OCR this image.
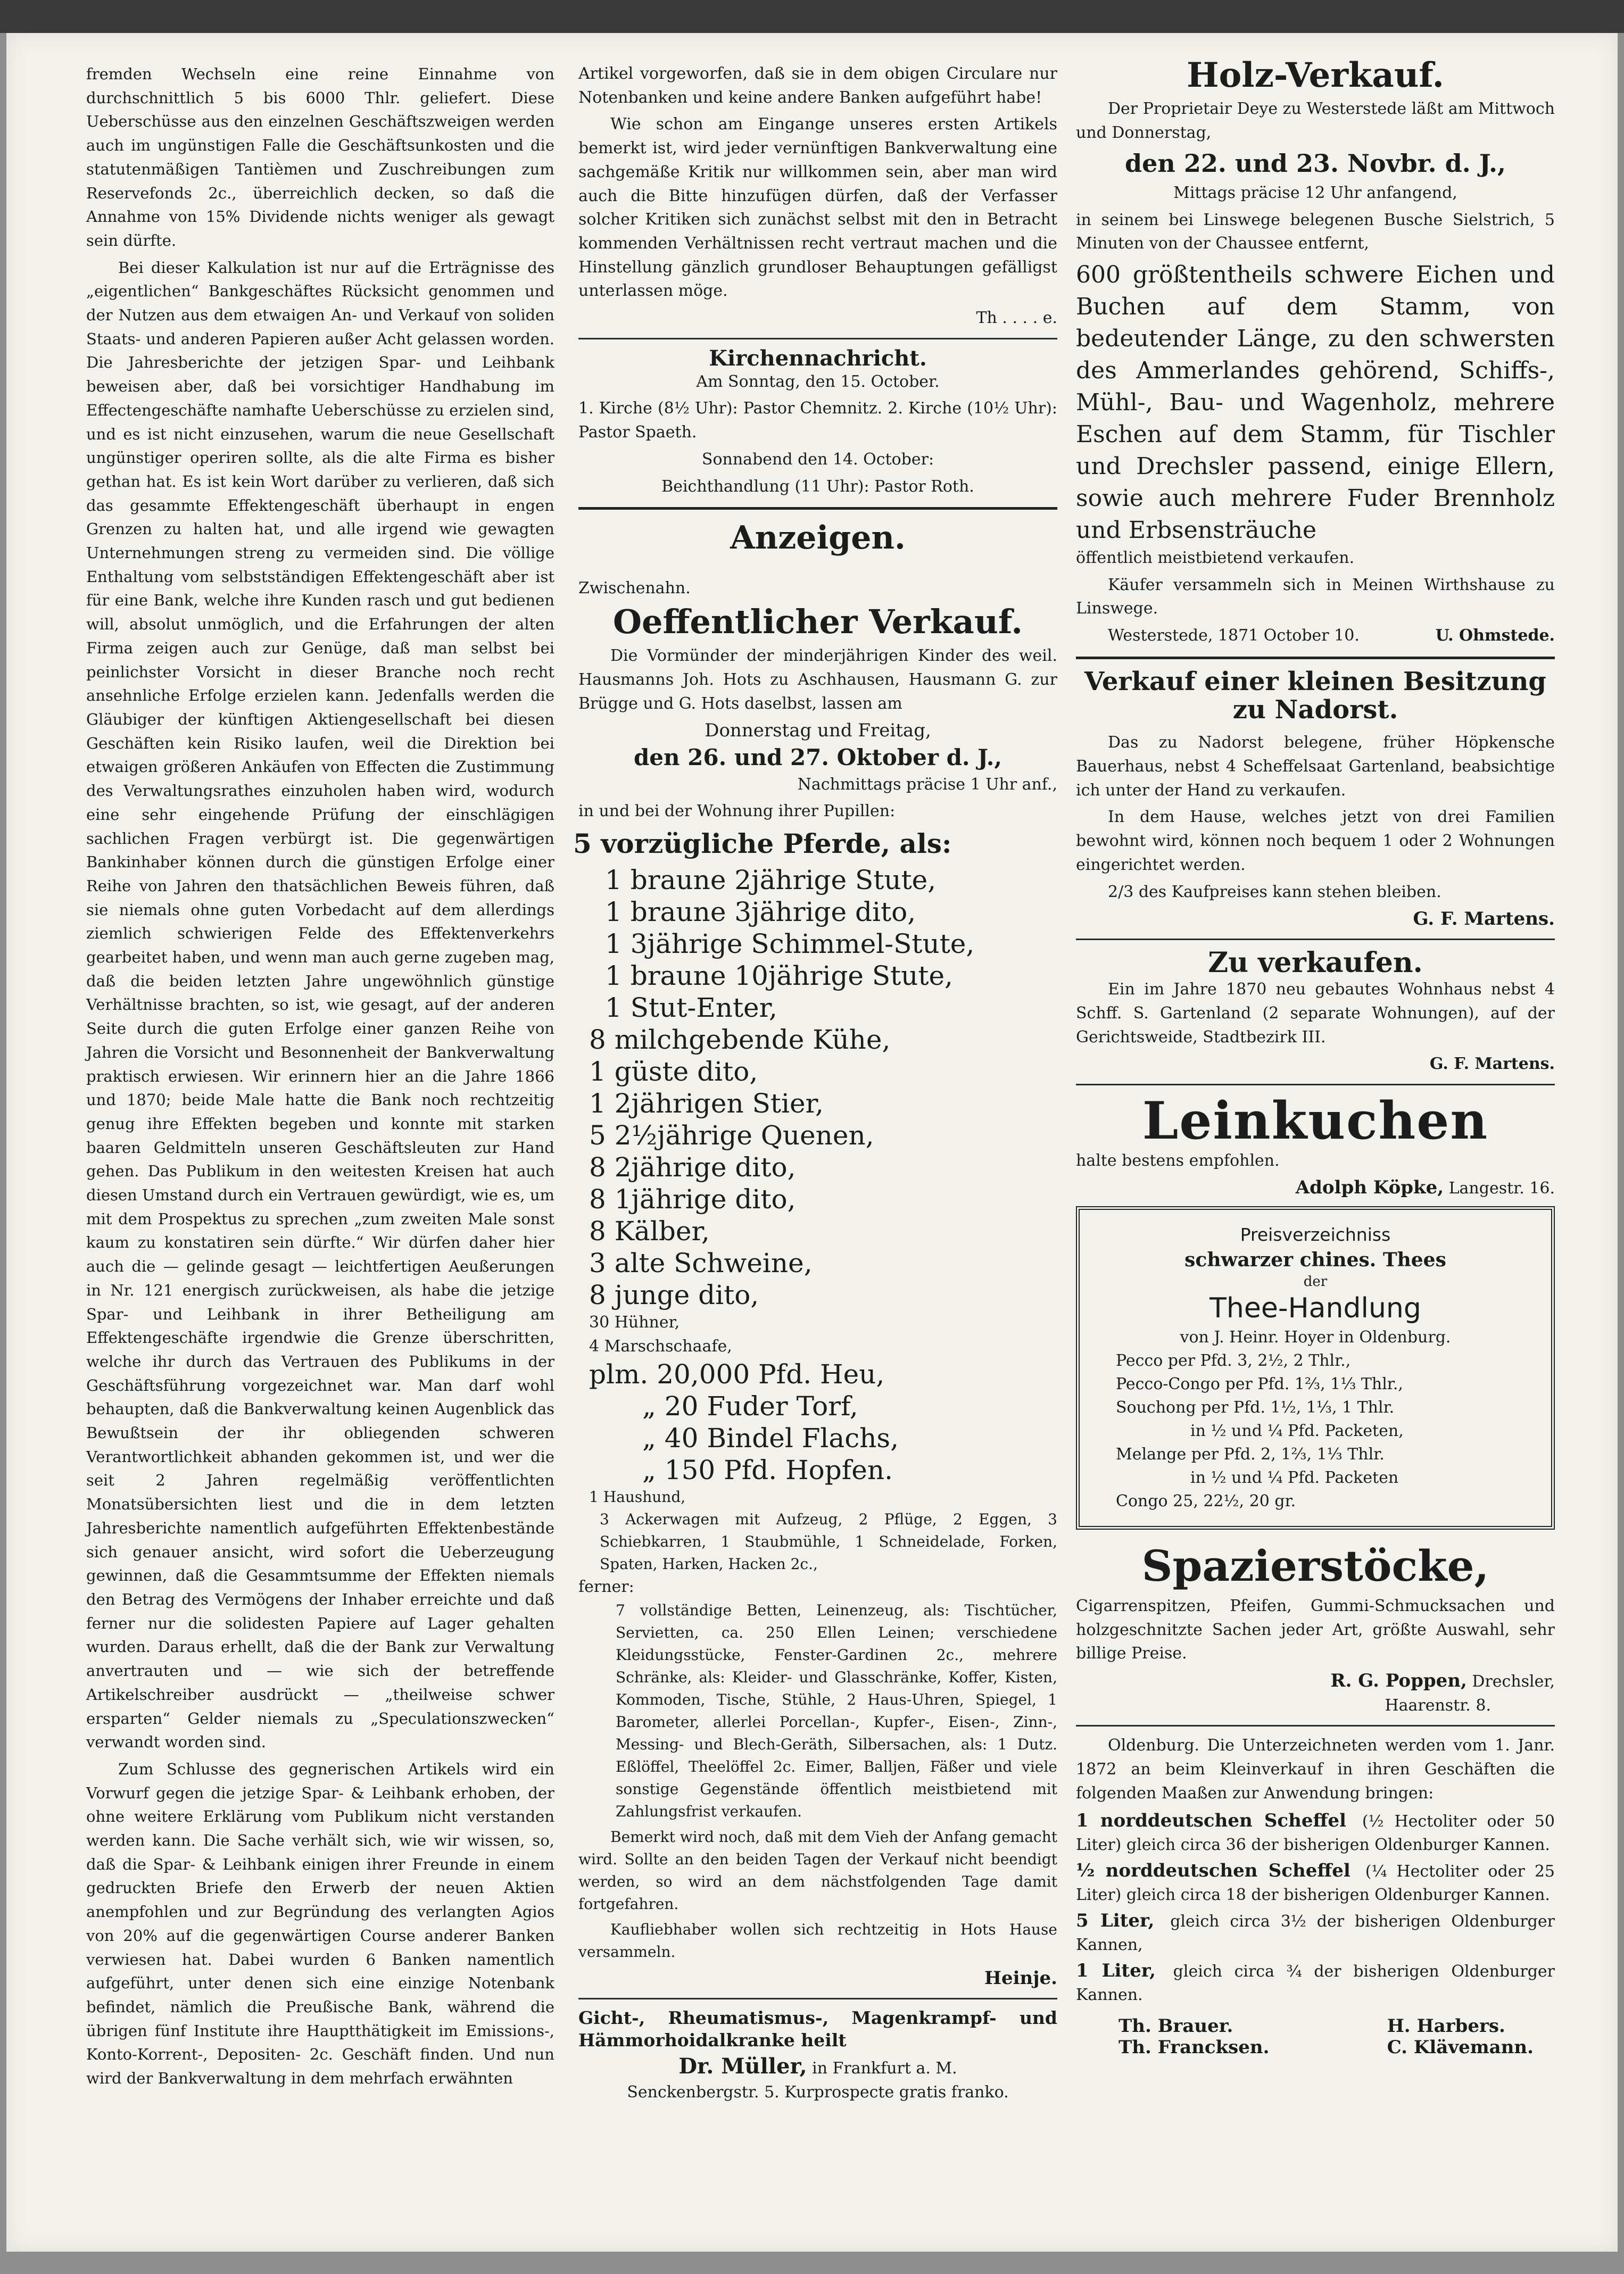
fremden Wechseln eine reine Einnahme von durchschnittlich 5 bis 6000 Thlr. geliefert. Diese Ueberschüsse aus den einzelnen Geschäftszweigen werden auch im ungünstigen Falle die Geschäftsunkosten und die statutenmäßigen Tantièmen und Zuschreibungen zum Reservefonds 2c., überreichlich decken, so daß die Annahme von 15% Dividende nichts weniger als gewagt sein dürfte.

Bei dieser Kalkulation ist nur auf die Erträgnisse des „eigentlichen“ Bankgeschäftes Rücksicht genommen und der Nutzen aus dem etwaigen An- und Verkauf von soliden Staats- und anderen Papieren außer Acht gelassen worden. Die Jahresberichte der jetzigen Spar- und Leihbank beweisen aber, daß bei vorsichtiger Handhabung im Effectengeschäfte namhafte Ueberschüsse zu erzielen sind, und es ist nicht einzusehen, warum die neue Gesellschaft ungünstiger operiren sollte, als die alte Firma es bisher gethan hat. Es ist kein Wort darüber zu verlieren, daß sich das gesammte Effektengeschäft überhaupt in engen Grenzen zu halten hat, und alle irgend wie gewagten Unternehmungen streng zu vermeiden sind. Die völlige Enthaltung vom selbstständigen Effektengeschäft aber ist für eine Bank, welche ihre Kunden rasch und gut bedienen will, absolut unmöglich, und die Erfahrungen der alten Firma zeigen auch zur Genüge, daß man selbst bei peinlichster Vorsicht in dieser Branche noch recht ansehnliche Erfolge erzielen kann. Jedenfalls werden die Gläubiger der künftigen Aktiengesellschaft bei diesen Geschäften kein Risiko laufen, weil die Direktion bei etwaigen größeren Ankäufen von Effecten die Zustimmung des Verwaltungsrathes einzuholen haben wird, wodurch eine sehr eingehende Prüfung der einschlägigen sachlichen Fragen verbürgt ist. Die gegenwärtigen Bankinhaber können durch die günstigen Erfolge einer Reihe von Jahren den thatsächlichen Beweis führen, daß sie niemals ohne guten Vorbedacht auf dem allerdings ziemlich schwierigen Felde des Effektenverkehrs gearbeitet haben, und wenn man auch gerne zugeben mag, daß die beiden letzten Jahre ungewöhnlich günstige Verhältnisse brachten, so ist, wie gesagt, auf der anderen Seite durch die guten Erfolge einer ganzen Reihe von Jahren die Vorsicht und Besonnenheit der Bankverwaltung praktisch erwiesen. Wir erinnern hier an die Jahre 1866 und 1870; beide Male hatte die Bank noch rechtzeitig genug ihre Effekten begeben und konnte mit starken baaren Geldmitteln unseren Geschäftsleuten zur Hand gehen. Das Publikum in den weitesten Kreisen hat auch diesen Umstand durch ein Vertrauen gewürdigt, wie es, um mit dem Prospektus zu sprechen „zum zweiten Male sonst kaum zu konstatiren sein dürfte.“ Wir dürfen daher hier auch die — gelinde gesagt — leichtfertigen Aeußerungen in Nr. 121 energisch zurückweisen, als habe die jetzige Spar- und Leihbank in ihrer Betheiligung am Effektengeschäfte irgendwie die Grenze überschritten, welche ihr durch das Vertrauen des Publikums in der Geschäftsführung vorgezeichnet war. Man darf wohl behaupten, daß die Bankverwaltung keinen Augenblick das Bewußtsein der ihr obliegenden schweren Verantwortlichkeit abhanden gekommen ist, und wer die seit 2 Jahren regelmäßig veröffentlichten Monatsübersichten liest und die in dem letzten Jahresberichte namentlich aufgeführten Effektenbestände sich genauer ansicht, wird sofort die Ueberzeugung gewinnen, daß die Gesammtsumme der Effekten niemals den Betrag des Vermögens der Inhaber erreichte und daß ferner nur die solidesten Papiere auf Lager gehalten wurden. Daraus erhellt, daß die der Bank zur Verwaltung anvertrauten und — wie sich der betreffende Artikelschreiber ausdrückt — „theilweise schwer ersparten“ Gelder niemals zu „Speculationszwecken“ verwandt worden sind.

Zum Schlusse des gegnerischen Artikels wird ein Vorwurf gegen die jetzige Spar- & Leihbank erhoben, der ohne weitere Erklärung vom Publikum nicht verstanden werden kann. Die Sache verhält sich, wie wir wissen, so, daß die Spar- & Leihbank einigen ihrer Freunde in einem gedruckten Briefe den Erwerb der neuen Aktien anempfohlen und zur Begründung des verlangten Agios von 20% auf die gegenwärtigen Course anderer Banken verwiesen hat. Dabei wurden 6 Banken namentlich aufgeführt, unter denen sich eine einzige Notenbank befindet, nämlich die Preußische Bank, während die übrigen fünf Institute ihre Hauptthätigkeit im Emissions-, Konto-Korrent-, Depositen- 2c. Geschäft finden. Und nun wird der Bankverwaltung in dem mehrfach erwähnten

Artikel vorgeworfen, daß sie in dem obigen Circulare nur Notenbanken und keine andere Banken aufgeführt habe!

Wie schon am Eingange unseres ersten Artikels bemerkt ist, wird jeder vernünftigen Bankverwaltung eine sachgemäße Kritik nur willkommen sein, aber man wird auch die Bitte hinzufügen dürfen, daß der Verfasser solcher Kritiken sich zunächst selbst mit den in Betracht kommenden Verhältnissen recht vertraut machen und die Hinstellung gänzlich grundloser Behauptungen gefälligst unterlassen möge.

Th . . . . e.

Kirchennachricht.

Am Sonntag, den 15. October.

1. Kirche (8½ Uhr): Pastor Chemnitz. 2. Kirche (10½ Uhr): Pastor Spaeth.

Sonnabend den 14. October:

Beichthandlung (11 Uhr): Pastor Roth.

Anzeigen.

Zwischenahn.

Oeffentlicher Verkauf.

Die Vormünder der minderjährigen Kinder des weil. Hausmanns Joh. Hots zu Aschhausen, Hausmann G. zur Brügge und G. Hots daselbst, lassen am

Donnerstag und Freitag,

den 26. und 27. Oktober d. J.,

Nachmittags präcise 1 Uhr anf.,

in und bei der Wohnung ihrer Pupillen:

5 vorzügliche Pferde, als:

1 braune 2jährige Stute,

1 braune 3jährige dito,

1 3jährige Schimmel-Stute,

1 braune 10jährige Stute,

1 Stut-Enter,

8 milchgebende Kühe,

1 güste dito,

1 2jährigen Stier,

5 2½jährige Quenen,

8 2jährige dito,

8 1jährige dito,

8 Kälber,

3 alte Schweine,

8 junge dito,

30 Hühner,

4 Marschschaafe,

plm. 20,000 Pfd. Heu,

„ 20 Fuder Torf,

„ 40 Bindel Flachs,

„ 150 Pfd. Hopfen.

1 Haushund,

3 Ackerwagen mit Aufzeug, 2 Pflüge, 2 Eggen, 3 Schiebkarren, 1 Staubmühle, 1 Schneidelade, Forken, Spaten, Harken, Hacken 2c.,

ferner:

7 vollständige Betten, Leinenzeug, als: Tischtücher, Servietten, ca. 250 Ellen Leinen; verschiedene Kleidungsstücke, Fenster-Gardinen 2c., mehrere Schränke, als: Kleider- und Glasschränke, Koffer, Kisten, Kommoden, Tische, Stühle, 2 Haus-Uhren, Spiegel, 1 Barometer, allerlei Porcellan-, Kupfer-, Eisen-, Zinn-, Messing- und Blech-Geräth, Silbersachen, als: 1 Dutz. Eßlöffel, Theelöffel 2c. Eimer, Balljen, Fäßer und viele sonstige Gegenstände öffentlich meistbietend mit Zahlungsfrist verkaufen.

Bemerkt wird noch, daß mit dem Vieh der Anfang gemacht wird. Sollte an den beiden Tagen der Verkauf nicht beendigt werden, so wird an dem nächstfolgenden Tage damit fortgefahren.

Kaufliebhaber wollen sich rechtzeitig in Hots Hause versammeln.

Heinje.

Gicht-, Rheumatismus-, Magenkrampf- und Hämmorhoidalkranke heilt

Dr. Müller, in Frankfurt a. M.

Senckenbergstr. 5. Kurprospecte gratis franko.

Holz-Verkauf.

Der Proprietair Deye zu Westerstede läßt am Mittwoch und Donnerstag,

den 22. und 23. Novbr. d. J.,

Mittags präcise 12 Uhr anfangend,

in seinem bei Linswege belegenen Busche Sielstrich, 5 Minuten von der Chaussee entfernt,

600 größtentheils schwere Eichen und Buchen auf dem Stamm, von bedeutender Länge, zu den schwersten des Ammerlandes gehörend, Schiffs-, Mühl-, Bau- und Wagenholz, mehrere Eschen auf dem Stamm, für Tischler und Drechsler passend, einige Ellern, sowie auch mehrere Fuder Brennholz und Erbsensträuche

öffentlich meistbietend verkaufen.

Käufer versammeln sich in Meinen Wirthshause zu Linswege.

Westerstede, 1871 October 10.	U. Ohmstede.

Verkauf einer kleinen Besitzung zu Nadorst.

Das zu Nadorst belegene, früher Höpkensche Bauerhaus, nebst 4 Scheffelsaat Gartenland, beabsichtige ich unter der Hand zu verkaufen.

In dem Hause, welches jetzt von drei Familien bewohnt wird, können noch bequem 1 oder 2 Wohnungen eingerichtet werden.

2/3 des Kaufpreises kann stehen bleiben.

G. F. Martens.

Zu verkaufen.

Ein im Jahre 1870 neu gebautes Wohnhaus nebst 4 Schff. S. Gartenland (2 separate Wohnungen), auf der Gerichtsweide, Stadtbezirk III.

G. F. Martens.

Leinkuchen

halte bestens empfohlen.

Adolph Köpke, Langestr. 16.

Preisverzeichniss

schwarzer chines. Thees

der

Thee-Handlung

von J. Heinr. Hoyer in Oldenburg.

Pecco per Pfd. 3, 2½, 2 Thlr.,

Pecco-Congo per Pfd. 1⅔, 1⅓ Thlr.,

Souchong per Pfd. 1½, 1⅓, 1 Thlr.

in ½ und ¼ Pfd. Packeten,

Melange per Pfd. 2, 1⅔, 1⅓ Thlr.

in ½ und ¼ Pfd. Packeten

Congo 25, 22½, 20 gr.

Spazierstöcke,

Cigarrenspitzen, Pfeifen, Gummi-Schmucksachen und holzgeschnitzte Sachen jeder Art, größte Auswahl, sehr billige Preise.

R. G. Poppen, Drechsler,

Haarenstr. 8.

Oldenburg. Die Unterzeichneten werden vom 1. Janr. 1872 an beim Kleinverkauf in ihren Geschäften die folgenden Maaßen zur Anwendung bringen:

1 norddeutschen Scheffel (½ Hectoliter oder 50 Liter) gleich circa 36 der bisherigen Oldenburger Kannen.
½ norddeutschen Scheffel (¼ Hectoliter oder 25 Liter) gleich circa 18 der bisherigen Oldenburger Kannen.
5 Liter, gleich circa 3½ der bisherigen Oldenburger Kannen,
1 Liter, gleich circa ¾ der bisherigen Oldenburger Kannen.
Th. Brauer.
Th. Francksen.
H. Harbers.
C. Klävemann.
